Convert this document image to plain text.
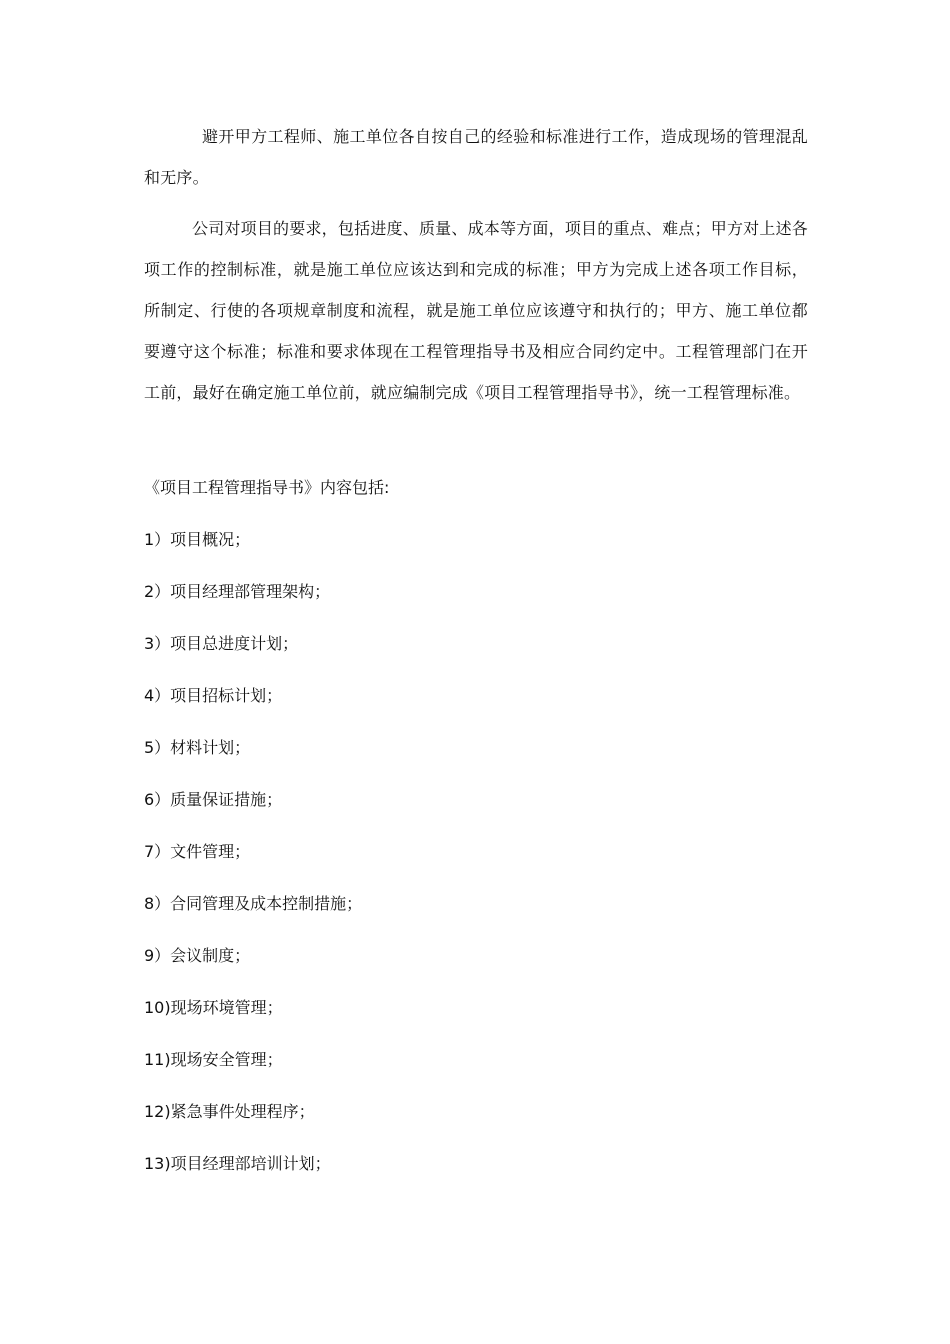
避开甲方工程师、施工单位各自按自己的经验和标准进行工作，造成现场的管理混乱和无序。

公司对项目的要求，包括进度、质量、成本等方面，项目的重点、难点；甲方对上述各项工作的控制标准，就是施工单位应该达到和完成的标准；甲方为完成上述各项工作目标，所制定、行使的各项规章制度和流程，就是施工单位应该遵守和执行的；甲方、施工单位都要遵守这个标准；标准和要求体现在工程管理指导书及相应合同约定中。工程管理部门在开工前，最好在确定施工单位前，就应编制完成《项目工程管理指导书》，统一工程管理标准。

《项目工程管理指导书》内容包括:
1）项目概况；
2）项目经理部管理架构；
3）项目总进度计划；
4）项目招标计划；
5）材料计划；
6）质量保证措施；
7）文件管理；
8）合同管理及成本控制措施；
9）会议制度；
10)现场环境管理；
11)现场安全管理；
12)紧急事件处理程序；
13)项目经理部培训计划；
